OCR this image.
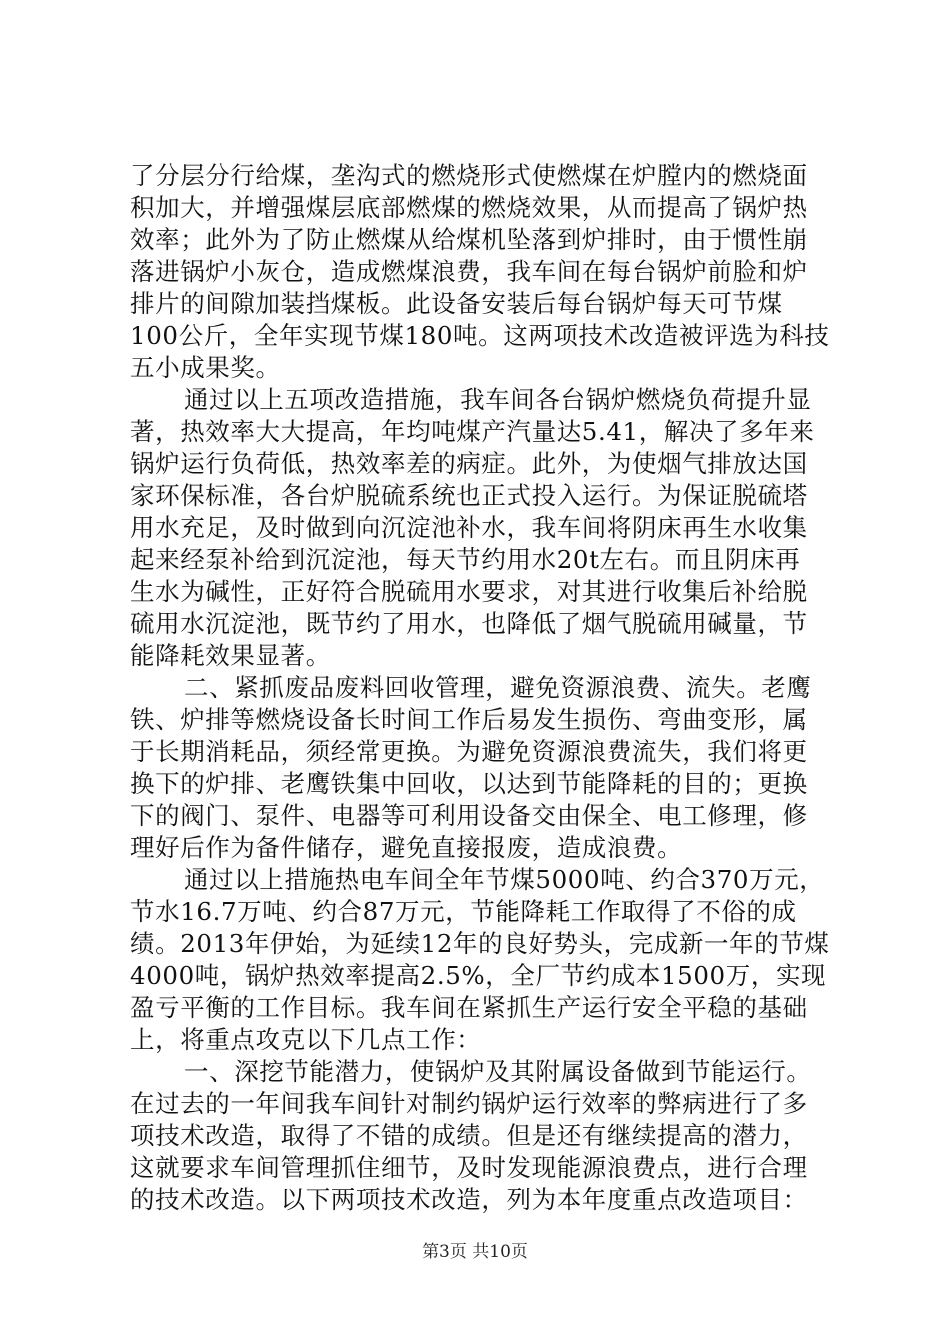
了分层分行给煤，垄沟式的燃烧形式使燃煤在炉膛内的燃烧面
积加大，并增强煤层底部燃煤的燃烧效果，从而提高了锅炉热
效率；此外为了防止燃煤从给煤机坠落到炉排时，由于惯性崩
落进锅炉小灰仓，造成燃煤浪费，我车间在每台锅炉前脸和炉
排片的间隙加装挡煤板。此设备安装后每台锅炉每天可节煤
100公斤，全年实现节煤180吨。这两项技术改造被评选为科技
五小成果奖。
通过以上五项改造措施，我车间各台锅炉燃烧负荷提升显
著，热效率大大提高，年均吨煤产汽量达5.41，解决了多年来
锅炉运行负荷低，热效率差的病症。此外，为使烟气排放达国
家环保标准，各台炉脱硫系统也正式投入运行。为保证脱硫塔
用水充足，及时做到向沉淀池补水，我车间将阴床再生水收集
起来经泵补给到沉淀池，每天节约用水20t左右。而且阴床再
生水为碱性，正好符合脱硫用水要求，对其进行收集后补给脱
硫用水沉淀池，既节约了用水，也降低了烟气脱硫用碱量，节
能降耗效果显著。
二、紧抓废品废料回收管理，避免资源浪费、流失。老鹰
铁、炉排等燃烧设备长时间工作后易发生损伤、弯曲变形，属
于长期消耗品，须经常更换。为避免资源浪费流失，我们将更
换下的炉排、老鹰铁集中回收，以达到节能降耗的目的；更换
下的阀门、泵件、电器等可利用设备交由保全、电工修理，修
理好后作为备件储存，避免直接报废，造成浪费。
通过以上措施热电车间全年节煤5000吨、约合370万元，
节水16.7万吨、约合87万元，节能降耗工作取得了不俗的成
绩。2013年伊始，为延续12年的良好势头，完成新一年的节煤
4000吨，锅炉热效率提高2.5%，全厂节约成本1500万，实现
盈亏平衡的工作目标。我车间在紧抓生产运行安全平稳的基础
上，将重点攻克以下几点工作：
一、深挖节能潜力，使锅炉及其附属设备做到节能运行。
在过去的一年间我车间针对制约锅炉运行效率的弊病进行了多
项技术改造，取得了不错的成绩。但是还有继续提高的潜力，
这就要求车间管理抓住细节，及时发现能源浪费点，进行合理
的技术改造。以下两项技术改造，列为本年度重点改造项目：
第3页 共10页
